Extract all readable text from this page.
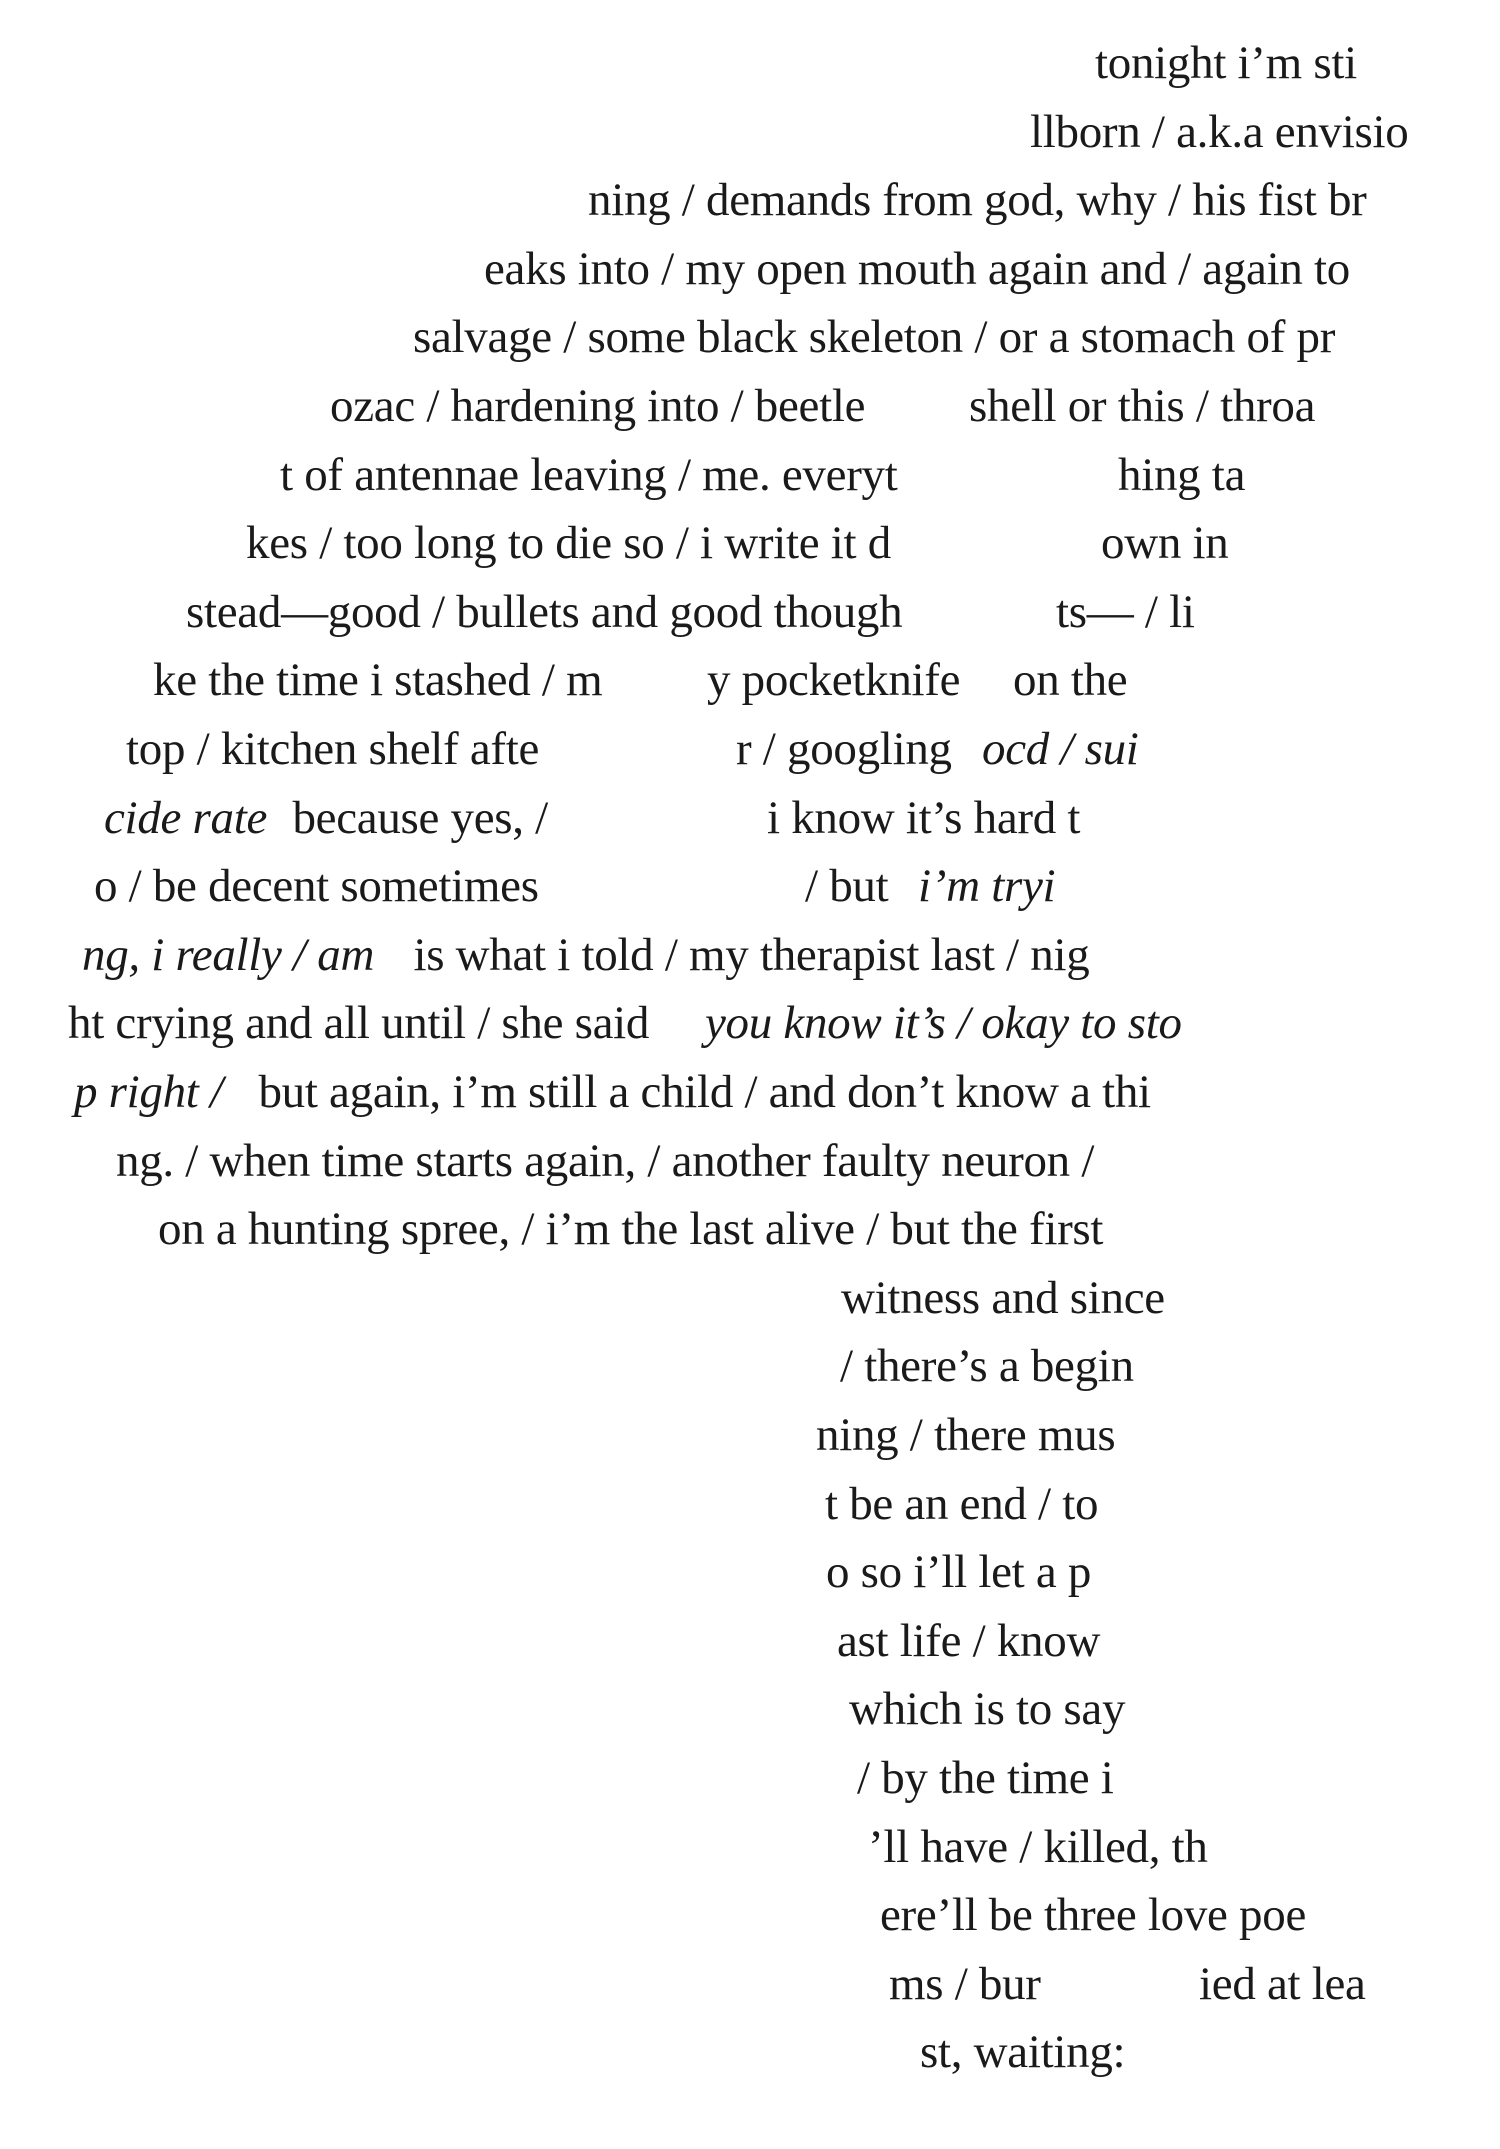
tonight i’m sti
llborn / a.k.a envisio
ning / demands from god, why / his fist br
eaks into / my open mouth again and / again to
salvage / some black skeleton / or a stomach of pr
ozac / hardening into / beetle shell or this / throa
t of antennae leaving / me. everyt	hing ta
kes / too long to die so / i write it d	own in
stead—good / bullets and good though	ts— / li
ke the time i stashed / m y pocketknife on the
top / kitchen shelf afte	r / googling ocd / sui
cide rate because yes, /	i know it’s hard t
o / be decent sometimes	/ but i’m tryi
ng, i really / am is what i told / my therapist last / nig
ht crying and all until / she said you know it’s / okay to sto
p right / but again, i’m still a child / and don’t know a thi
ng. / when time starts again, / another faulty neuron /
on a hunting spree, / i’m the last alive / but the first
witness and since
/ there’s a begin
ning / there mus
t be an end / to
o so i’ll let a p
ast life / know
which is to say
/ by the time i
’ll have / killed, th
ere’ll be three love poe
ms / bur	ied at lea
st, waiting:
